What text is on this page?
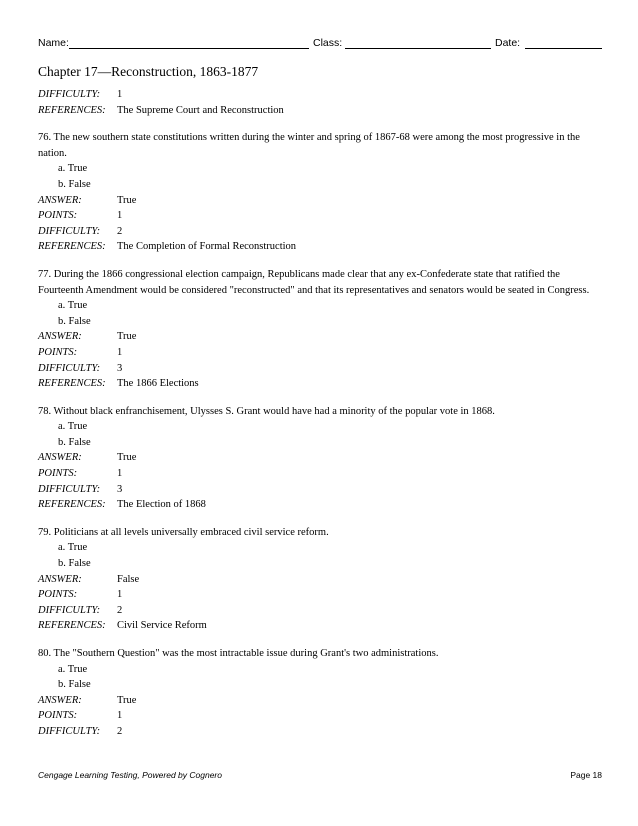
Name:	Class:	Date:
Chapter 17—Reconstruction, 1863-1877
DIFFICULTY:	1
REFERENCES:	The Supreme Court and Reconstruction
76. The new southern state constitutions written during the winter and spring of 1867-68 were among the most progressive in the nation.
a. True
b. False
ANSWER:	True
POINTS:	1
DIFFICULTY:	2
REFERENCES:	The Completion of Formal Reconstruction
77. During the 1866 congressional election campaign, Republicans made clear that any ex-Confederate state that ratified the Fourteenth Amendment would be considered "reconstructed" and that its representatives and senators would be seated in Congress.
a. True
b. False
ANSWER:	True
POINTS:	1
DIFFICULTY:	3
REFERENCES:	The 1866 Elections
78. Without black enfranchisement, Ulysses S. Grant would have had a minority of the popular vote in 1868.
a. True
b. False
ANSWER:	True
POINTS:	1
DIFFICULTY:	3
REFERENCES:	The Election of 1868
79. Politicians at all levels universally embraced civil service reform.
a. True
b. False
ANSWER:	False
POINTS:	1
DIFFICULTY:	2
REFERENCES:	Civil Service Reform
80. The "Southern Question" was the most intractable issue during Grant's two administrations.
a. True
b. False
ANSWER:	True
POINTS:	1
DIFFICULTY:	2
Cengage Learning Testing, Powered by Cognero	Page 18
